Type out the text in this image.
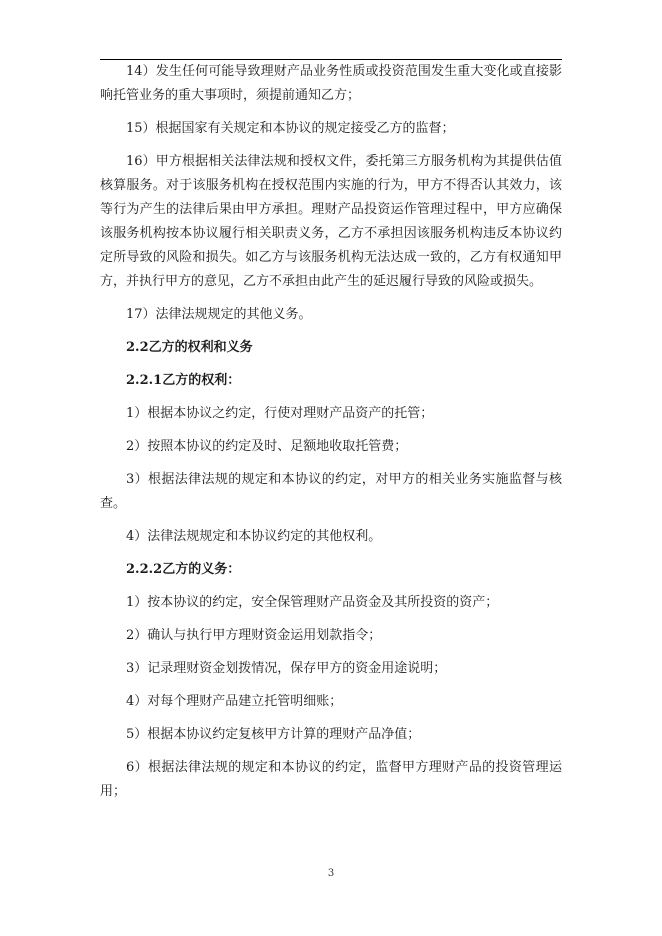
14）发生任何可能导致理财产品业务性质或投资范围发生重大变化或直接影响托管业务的重大事项时，须提前通知乙方；

15）根据国家有关规定和本协议的规定接受乙方的监督；

16）甲方根据相关法律法规和授权文件，委托第三方服务机构为其提供估值核算服务。对于该服务机构在授权范围内实施的行为，甲方不得否认其效力，该等行为产生的法律后果由甲方承担。理财产品投资运作管理过程中，甲方应确保该服务机构按本协议履行相关职责义务，乙方不承担因该服务机构违反本协议约定所导致的风险和损失。如乙方与该服务机构无法达成一致的，乙方有权通知甲方，并执行甲方的意见，乙方不承担由此产生的延迟履行导致的风险或损失。

17）法律法规规定的其他义务。

2.2乙方的权利和义务

2.2.1乙方的权利：

1）根据本协议之约定，行使对理财产品资产的托管；

2）按照本协议的约定及时、足额地收取托管费；

3）根据法律法规的规定和本协议的约定，对甲方的相关业务实施监督与核查。

4）法律法规规定和本协议约定的其他权利。

2.2.2乙方的义务：

1）按本协议的约定，安全保管理财产品资金及其所投资的资产；

2）确认与执行甲方理财资金运用划款指令；

3）记录理财资金划拨情况，保存甲方的资金用途说明；

4）对每个理财产品建立托管明细账；

5）根据本协议约定复核甲方计算的理财产品净值；

6）根据法律法规的规定和本协议的约定，监督甲方理财产品的投资管理运用；

3
